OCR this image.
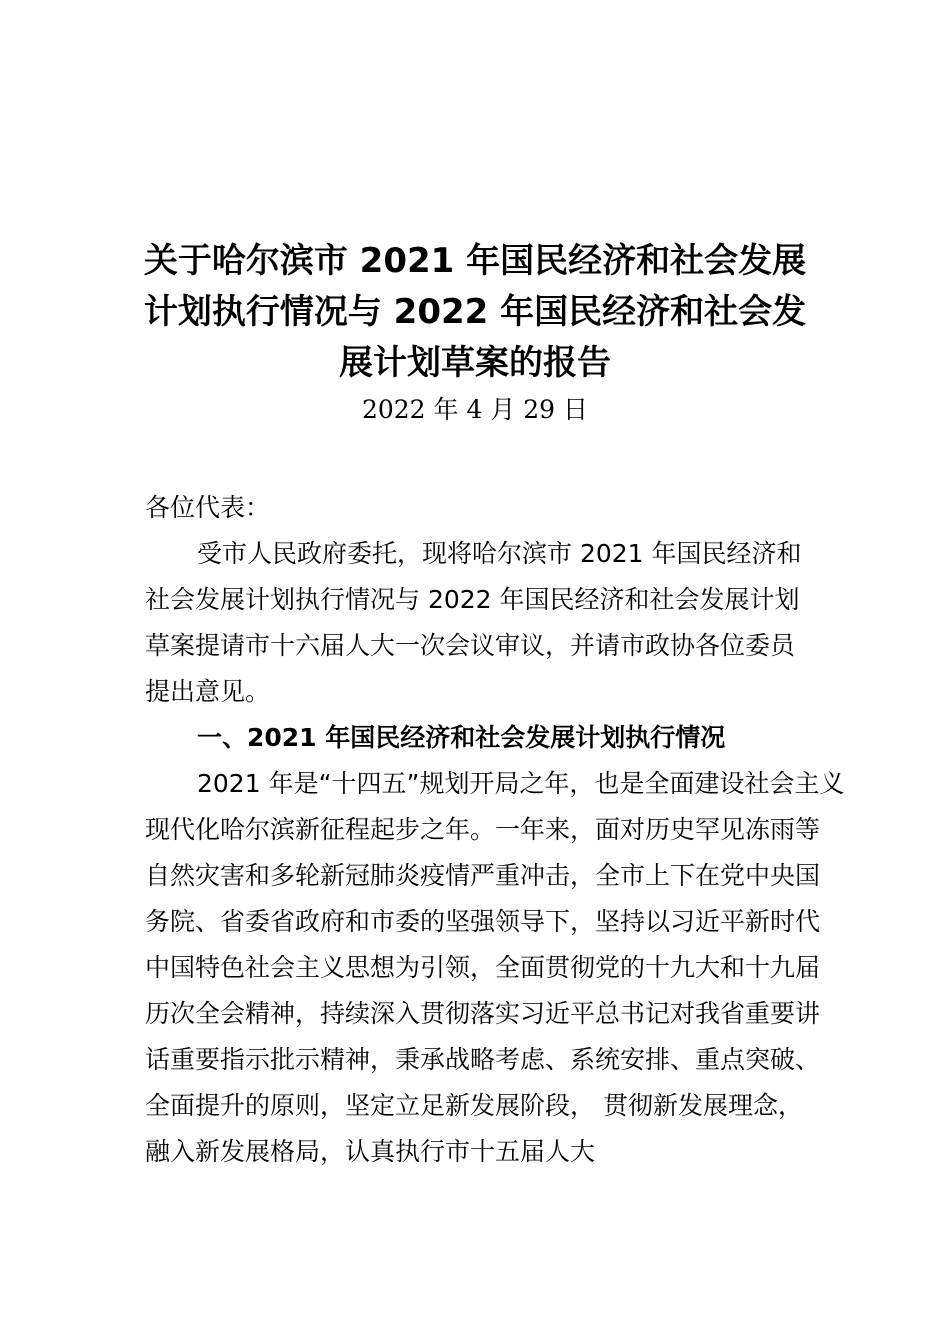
关于哈尔滨市 2021 年国民经济和社会发展
计划执行情况与 2022 年国民经济和社会发
展计划草案的报告
2022 年 4 月 29 日
各位代表：
受市人民政府委托，现将哈尔滨市 2021 年国民经济和
社会发展计划执行情况与 2022 年国民经济和社会发展计划
草案提请市十六届人大一次会议审议，并请市政协各位委员
提出意见。
一、2021 年国民经济和社会发展计划执行情况
2021 年是“十四五”规划开局之年，也是全面建设社会主义
现代化哈尔滨新征程起步之年。一年来，面对历史罕见冻雨等
自然灾害和多轮新冠肺炎疫情严重冲击，全市上下在党中央国
务院、省委省政府和市委的坚强领导下，坚持以习近平新时代
中国特色社会主义思想为引领，全面贯彻党的十九大和十九届
历次全会精神，持续深入贯彻落实习近平总书记对我省重要讲
话重要指示批示精神，秉承战略考虑、系统安排、重点突破、
全面提升的原则，坚定立足新发展阶段， 贯彻新发展理念，
融入新发展格局，认真执行市十五届人大
